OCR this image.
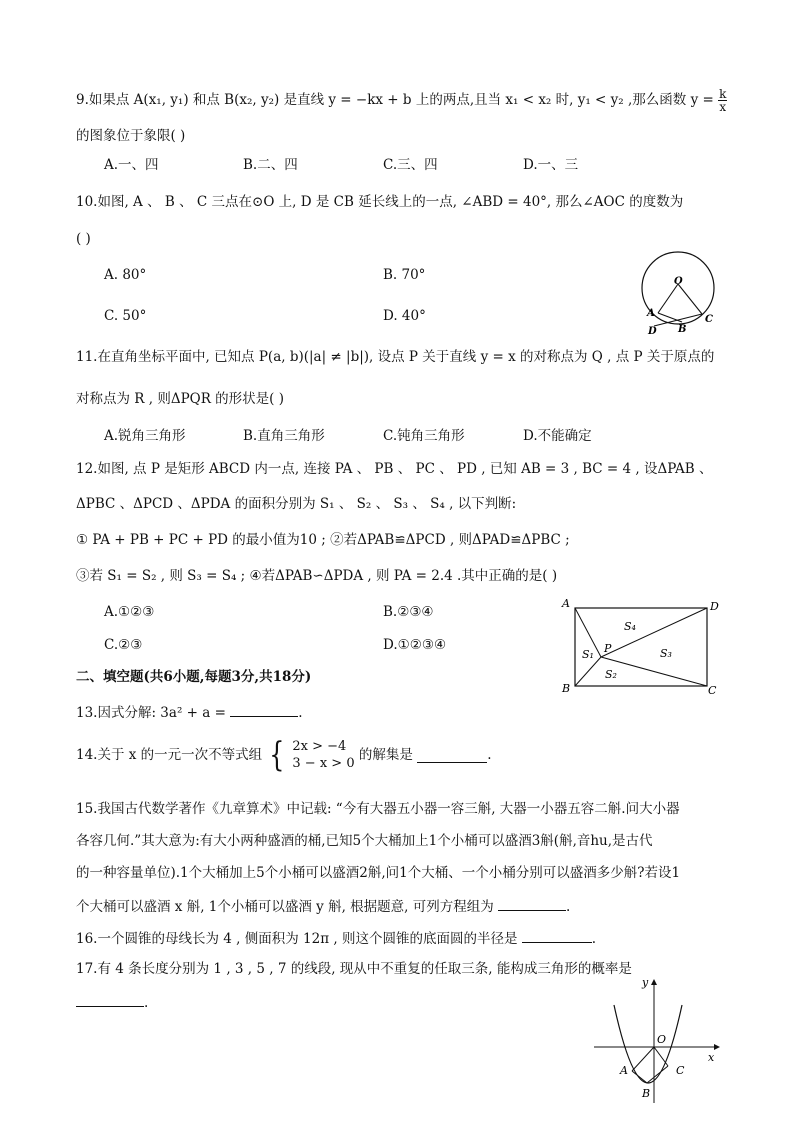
9.如果点 A(x₁, y₁) 和点 B(x₂, y₂) 是直线 y = −kx + b 上的两点,且当 x₁ < x₂ 时, y₁ < y₂ ,那么函数 $y = \frac{k}{x}$
的图象位于象限( )
A.一、四	B.二、四	C.三、四	D.一、三
10.如图, A 、 B 、 C 三点在⊙O 上, D 是 CB 延长线上的一点, ∠ABD = 40°, 那么∠AOC 的度数为
( )
A. 80°	B. 70°
C. 50°	D. 40°
O
A
B
C
D
11.在直角坐标平面中, 已知点 P(a, b)(|a| ≠ |b|), 设点 P 关于直线 y = x 的对称点为 Q , 点 P 关于原点的
对称点为 R , 则ΔPQR 的形状是( )
A.锐角三角形	B.直角三角形	C.钝角三角形	D.不能确定
12.如图, 点 P 是矩形 ABCD 内一点, 连接 PA 、 PB 、 PC 、 PD , 已知 AB = 3 , BC = 4 , 设ΔPAB 、
ΔPBC 、ΔPCD 、ΔPDA 的面积分别为 S₁ 、 S₂ 、 S₃ 、 S₄ , 以下判断:
① PA + PB + PC + PD 的最小值为10 ; ②若ΔPAB≌ΔPCD , 则ΔPAD≌ΔPBC ;
③若 S₁ = S₂ , 则 S₃ = S₄ ; ④若ΔPAB∽ΔPDA , 则 PA = 2.4 .其中正确的是( )
A.①②③	B.②③④
C.②③	D.①②③④
A	D
B	C
P
S₁
S₂
S₃
S₄
二、填空题(共6小题,每题3分,共18分)
13.因式分解: 3a² + a =	.
14.关于 x 的一元一次不等式组 { 2x > −4
3 − x > 0
的解集是	.
15.我国古代数学著作《九章算术》中记载: “今有大器五小器一容三斛, 大器一小器五容二斛.问大小器
各容几何.”其大意为:有大小两种盛酒的桶,已知5个大桶加上1个小桶可以盛酒3斛(斛,音hu,是古代
的一种容量单位).1个大桶加上5个小桶可以盛酒2斛,问1个大桶、一个小桶分别可以盛酒多少斛?若设1
个大桶可以盛酒 x 斛, 1个小桶可以盛酒 y 斛, 根据题意, 可列方程组为	.
16.一个圆锥的母线长为 4 , 侧面积为 12π , 则这个圆锥的底面圆的半径是	.
17.有 4 条长度分别为 1 , 3 , 5 , 7 的线段, 现从中不重复的任取三条, 能构成三角形的概率是
.
y
x
O
A
B
C
